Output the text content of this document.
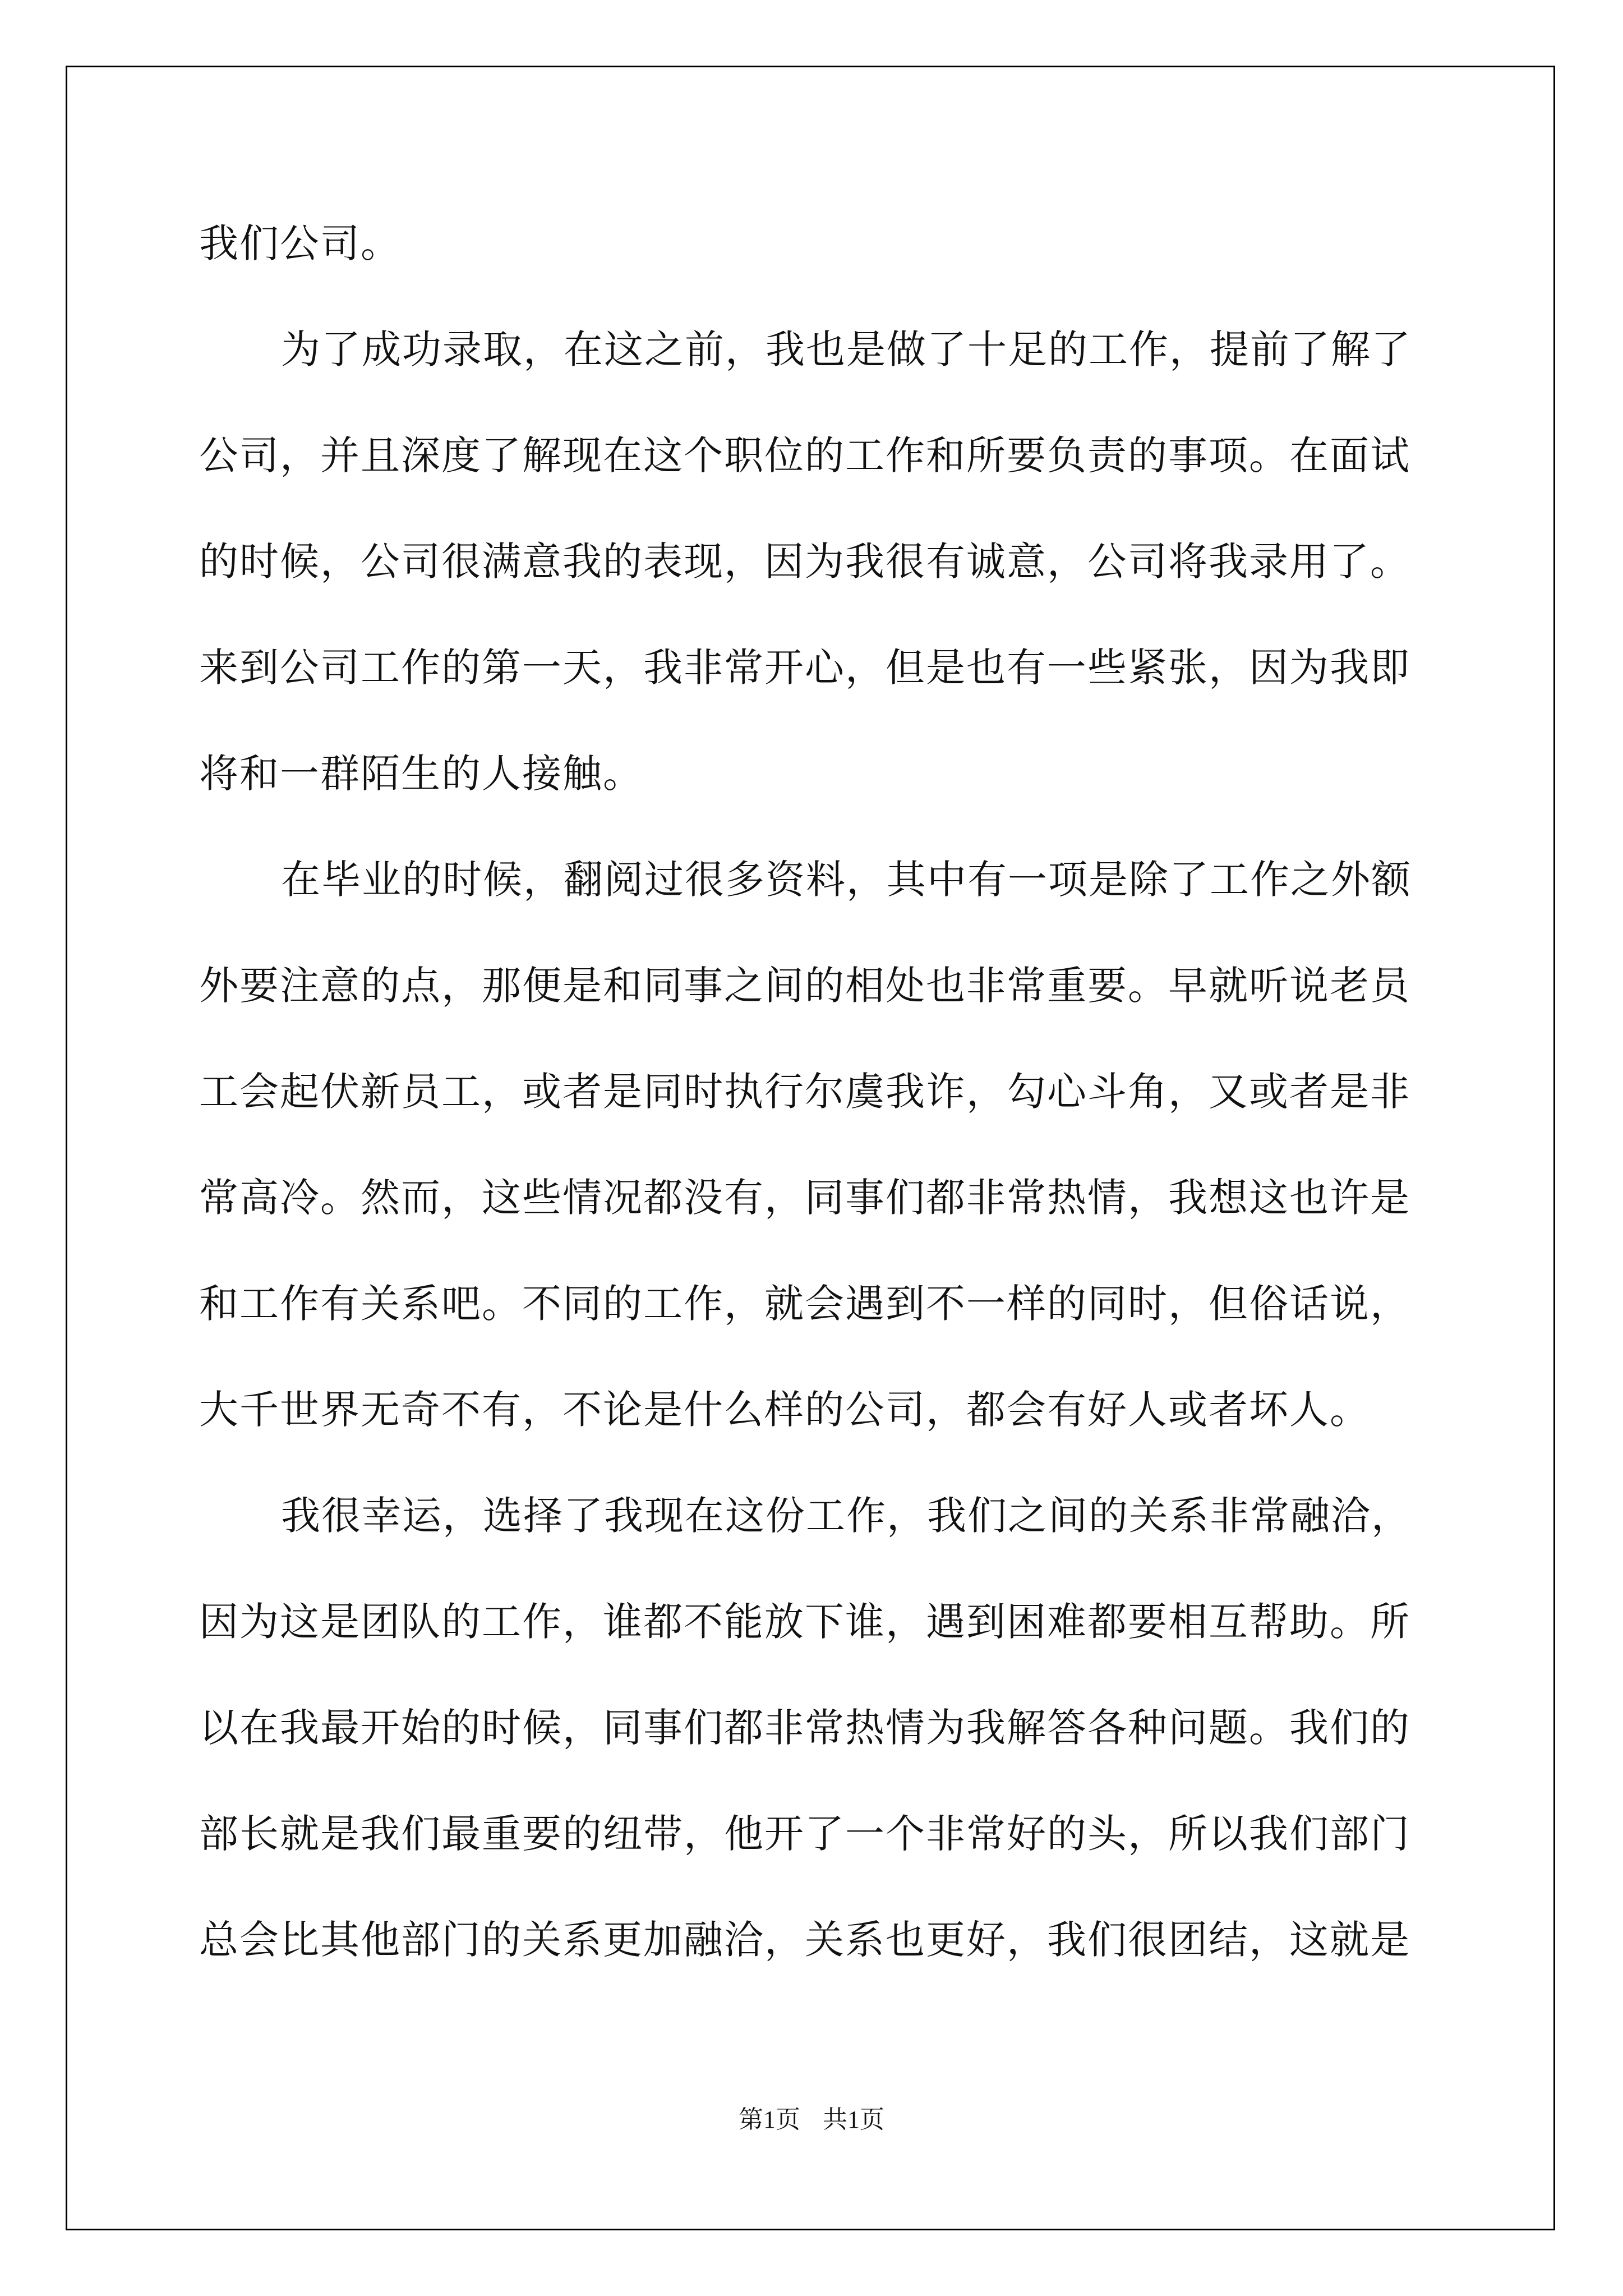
我们公司。
为了成功录取，在这之前，我也是做了十足的工作，提前了解了
公司，并且深度了解现在这个职位的工作和所要负责的事项。在面试
的时候，公司很满意我的表现，因为我很有诚意，公司将我录用了。
来到公司工作的第一天，我非常开心，但是也有一些紧张，因为我即
将和一群陌生的人接触。
在毕业的时候，翻阅过很多资料，其中有一项是除了工作之外额
外要注意的点，那便是和同事之间的相处也非常重要。早就听说老员
工会起伏新员工，或者是同时执行尔虞我诈，勾心斗角，又或者是非
常高冷。然而，这些情况都没有，同事们都非常热情，我想这也许是
和工作有关系吧。不同的工作，就会遇到不一样的同时，但俗话说，
大千世界无奇不有，不论是什么样的公司，都会有好人或者坏人。
我很幸运，选择了我现在这份工作，我们之间的关系非常融洽，
因为这是团队的工作，谁都不能放下谁，遇到困难都要相互帮助。所
以在我最开始的时候，同事们都非常热情为我解答各种问题。我们的
部长就是我们最重要的纽带，他开了一个非常好的头，所以我们部门
总会比其他部门的关系更加融洽，关系也更好，我们很团结，这就是
第1页 共1页
